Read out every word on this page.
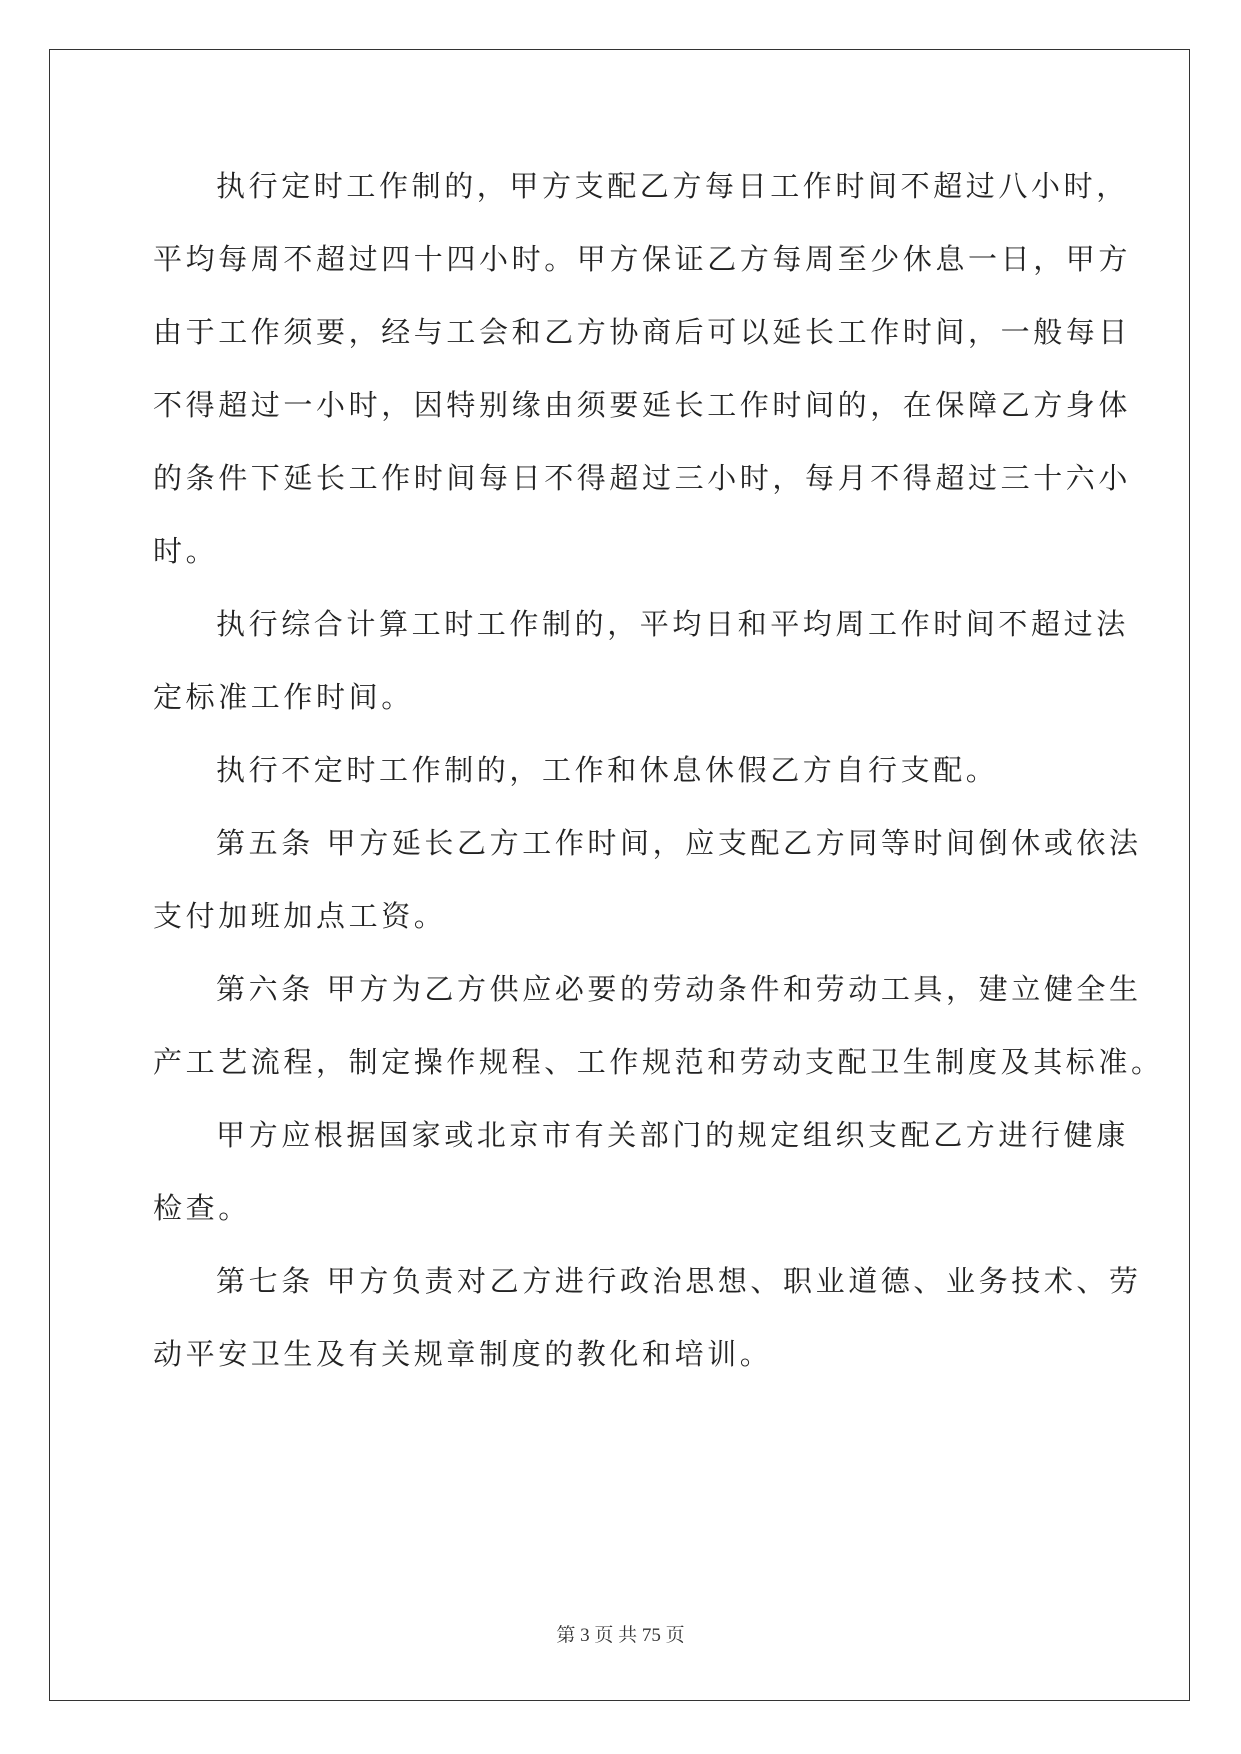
执行定时工作制的，甲方支配乙方每日工作时间不超过八小时，
平均每周不超过四十四小时。甲方保证乙方每周至少休息一日，甲方
由于工作须要，经与工会和乙方协商后可以延长工作时间，一般每日
不得超过一小时，因特别缘由须要延长工作时间的，在保障乙方身体
的条件下延长工作时间每日不得超过三小时，每月不得超过三十六小
时。
执行综合计算工时工作制的，平均日和平均周工作时间不超过法
定标准工作时间。
执行不定时工作制的，工作和休息休假乙方自行支配。
第五条 甲方延长乙方工作时间，应支配乙方同等时间倒休或依法
支付加班加点工资。
第六条 甲方为乙方供应必要的劳动条件和劳动工具，建立健全生
产工艺流程，制定操作规程、工作规范和劳动支配卫生制度及其标准。
甲方应根据国家或北京市有关部门的规定组织支配乙方进行健康
检查。
第七条 甲方负责对乙方进行政治思想、职业道德、业务技术、劳
动平安卫生及有关规章制度的教化和培训。
第 3 页 共 75 页
